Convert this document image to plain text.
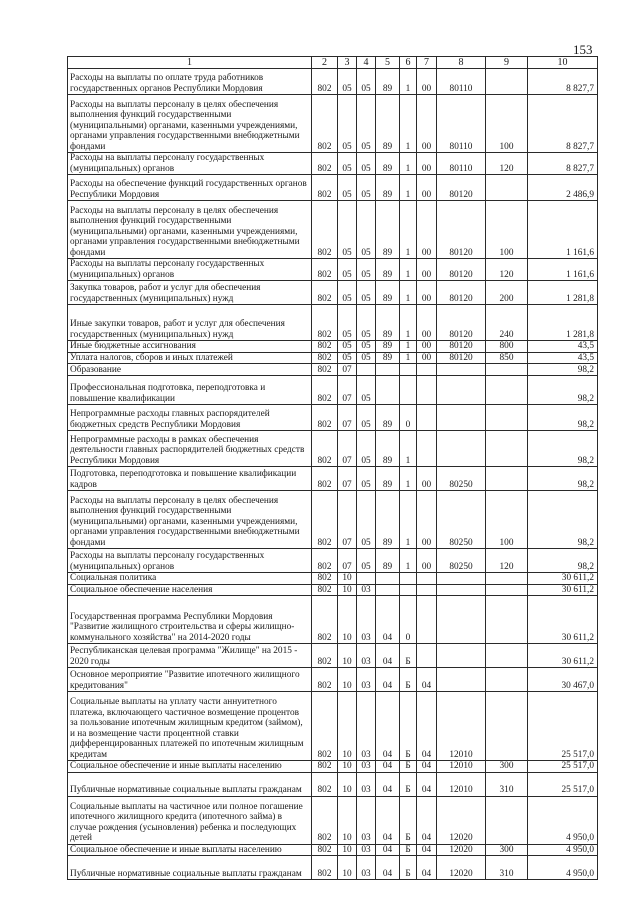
153
1	2	3	4	5	6	7	8	9	10
Расходы на выплаты по оплате труда работников государственных органов Республики Мордовия	802	05	05	89	1	00	80110		8 827,7
Расходы на выплаты персоналу в целях обеспечения выполнения функций государственными (муниципальными) органами, казенными учреждениями, органами управления государственными внебюджетными фондами	802	05	05	89	1	00	80110	100	8 827,7
Расходы на выплаты персоналу государственных (муниципальных) органов	802	05	05	89	1	00	80110	120	8 827,7
Расходы на обеспечение функций государственных органов Республики Мордовия	802	05	05	89	1	00	80120		2 486,9
Расходы на выплаты персоналу в целях обеспечения выполнения функций государственными (муниципальными) органами, казенными учреждениями, органами управления государственными внебюджетными фондами	802	05	05	89	1	00	80120	100	1 161,6
Расходы на выплаты персоналу государственных (муниципальных) органов	802	05	05	89	1	00	80120	120	1 161,6
Закупка товаров, работ и услуг для обеспечения государственных (муниципальных) нужд	802	05	05	89	1	00	80120	200	1 281,8
Иные закупки товаров, работ и услуг для обеспечения государственных (муниципальных) нужд	802	05	05	89	1	00	80120	240	1 281,8
Иные бюджетные ассигнования	802	05	05	89	1	00	80120	800	43,5
Уплата налогов, сборов и иных платежей	802	05	05	89	1	00	80120	850	43,5
Образование	802	07							98,2
Профессиональная подготовка, переподготовка и повышение квалификации	802	07	05						98,2
Непрограммные расходы главных распорядителей бюджетных средств Республики Мордовия	802	07	05	89	0				98,2
Непрограммные расходы в рамках обеспечения деятельности главных распорядителей бюджетных средств Республики Мордовия	802	07	05	89	1				98,2
Подготовка, переподготовка и повышение квалификации кадров	802	07	05	89	1	00	80250		98,2
Расходы на выплаты персоналу в целях обеспечения выполнения функций государственными (муниципальными) органами, казенными учреждениями, органами управления государственными внебюджетными фондами	802	07	05	89	1	00	80250	100	98,2
Расходы на выплаты персоналу государственных (муниципальных) органов	802	07	05	89	1	00	80250	120	98,2
Социальная политика	802	10							30 611,2
Социальное обеспечение населения	802	10	03						30 611,2
Государственная программа Республики Мордовия "Развитие жилищного строительства и сферы жилищно-коммунального хозяйства" на 2014-2020 годы	802	10	03	04	0				30 611,2
Республиканская целевая программа "Жилище" на 2015 - 2020 годы	802	10	03	04	Б				30 611,2
Основное мероприятие "Развитие ипотечного жилищного кредитования"	802	10	03	04	Б	04			30 467,0
Социальные выплаты на уплату части аннуитетного платежа, включающего частичное возмещение процентов за пользование ипотечным жилищным кредитом (займом), и на возмещение части процентной ставки дифференцированных платежей по ипотечным жилищным кредитам	802	10	03	04	Б	04	12010		25 517,0
Социальное обеспечение и иные выплаты населению	802	10	03	04	Б	04	12010	300	25 517,0
Публичные нормативные социальные выплаты гражданам	802	10	03	04	Б	04	12010	310	25 517,0
Социальные выплаты на частичное или полное погашение ипотечного жилищного кредита (ипотечного займа) в случае рождения (усыновления) ребенка и последующих детей	802	10	03	04	Б	04	12020		4 950,0
Социальное обеспечение и иные выплаты населению	802	10	03	04	Б	04	12020	300	4 950,0
Публичные нормативные социальные выплаты гражданам	802	10	03	04	Б	04	12020	310	4 950,0
